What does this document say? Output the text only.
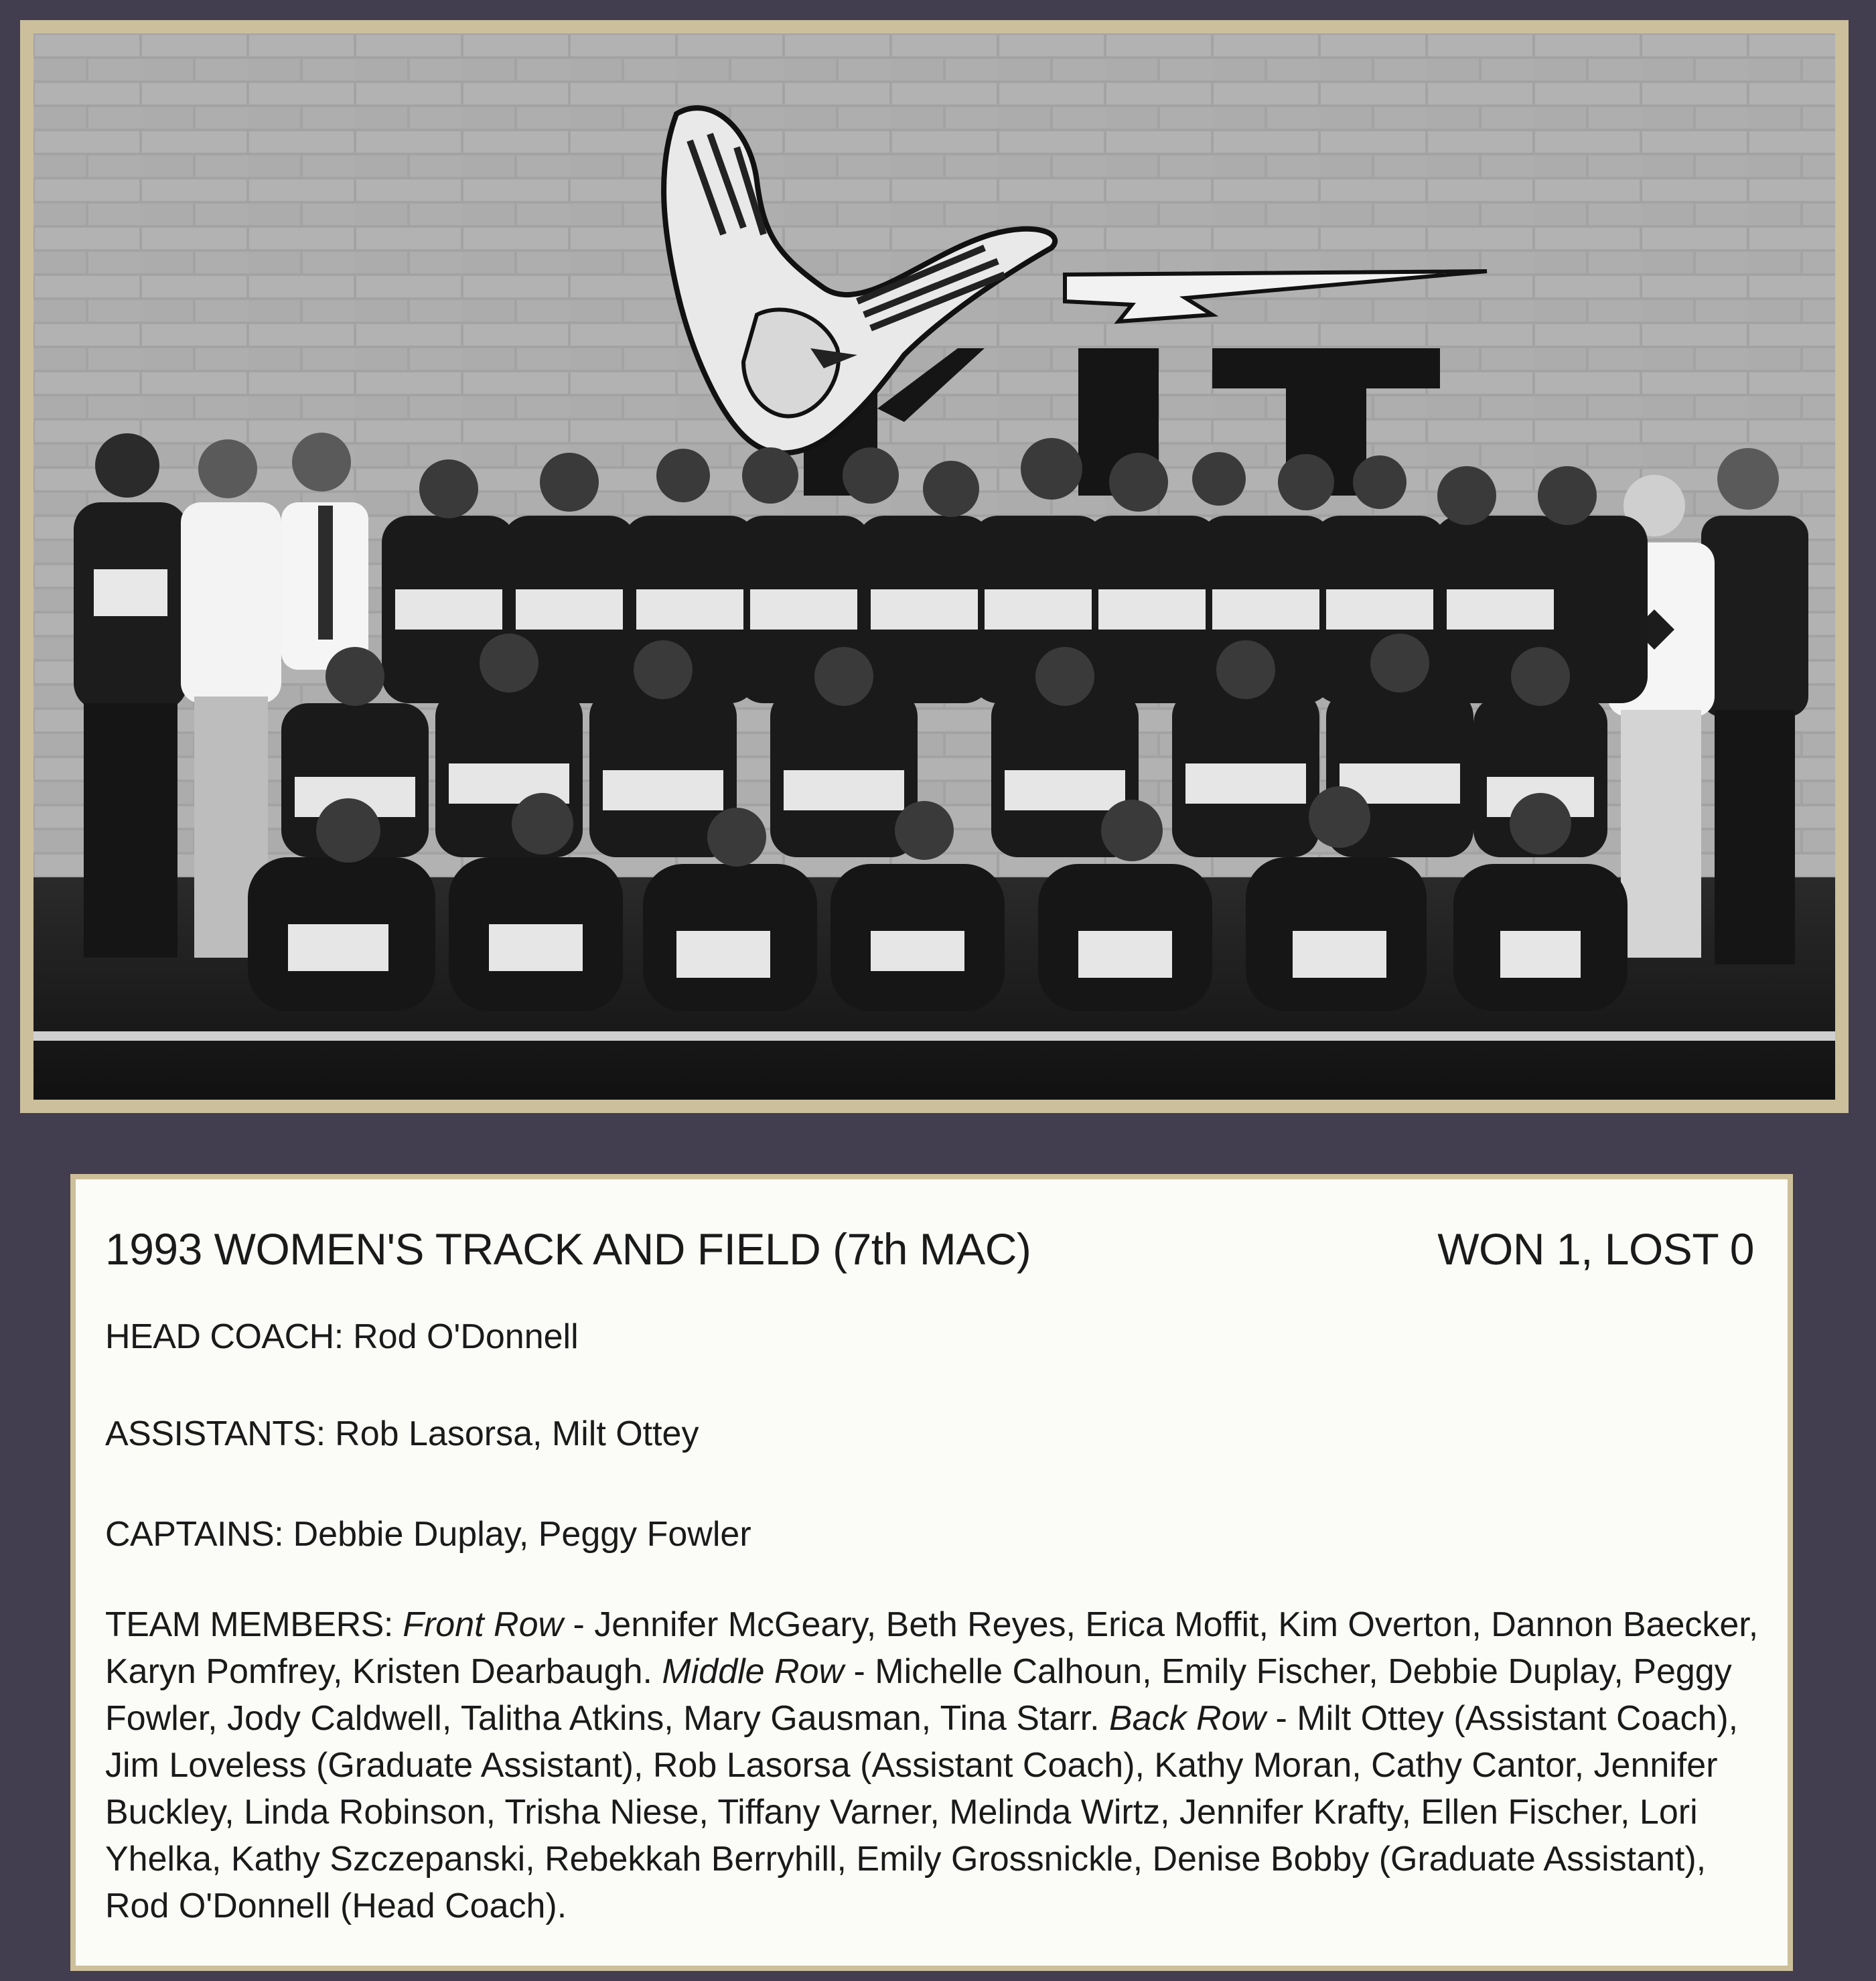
1993 WOMEN'S TRACK AND FIELD (7th MAC)	WON 1, LOST 0
HEAD COACH: Rod O'Donnell
ASSISTANTS: Rob Lasorsa, Milt Ottey
CAPTAINS: Debbie Duplay, Peggy Fowler
TEAM MEMBERS: Front Row - Jennifer McGeary, Beth Reyes, Erica Moffit, Kim Overton, Dannon Baecker, Karyn Pomfrey, Kristen Dearbaugh. Middle Row - Michelle Calhoun, Emily Fischer, Debbie Duplay, Peggy Fowler, Jody Caldwell, Talitha Atkins, Mary Gausman, Tina Starr. Back Row - Milt Ottey (Assistant Coach), Jim Loveless (Graduate Assistant), Rob Lasorsa (Assistant Coach), Kathy Moran, Cathy Cantor, Jennifer Buckley, Linda Robinson, Trisha Niese, Tiffany Varner, Melinda Wirtz, Jennifer Krafty, Ellen Fischer, Lori Yhelka, Kathy Szczepanski, Rebekkah Berryhill, Emily Grossnickle, Denise Bobby (Graduate Assistant), Rod O'Donnell (Head Coach).
